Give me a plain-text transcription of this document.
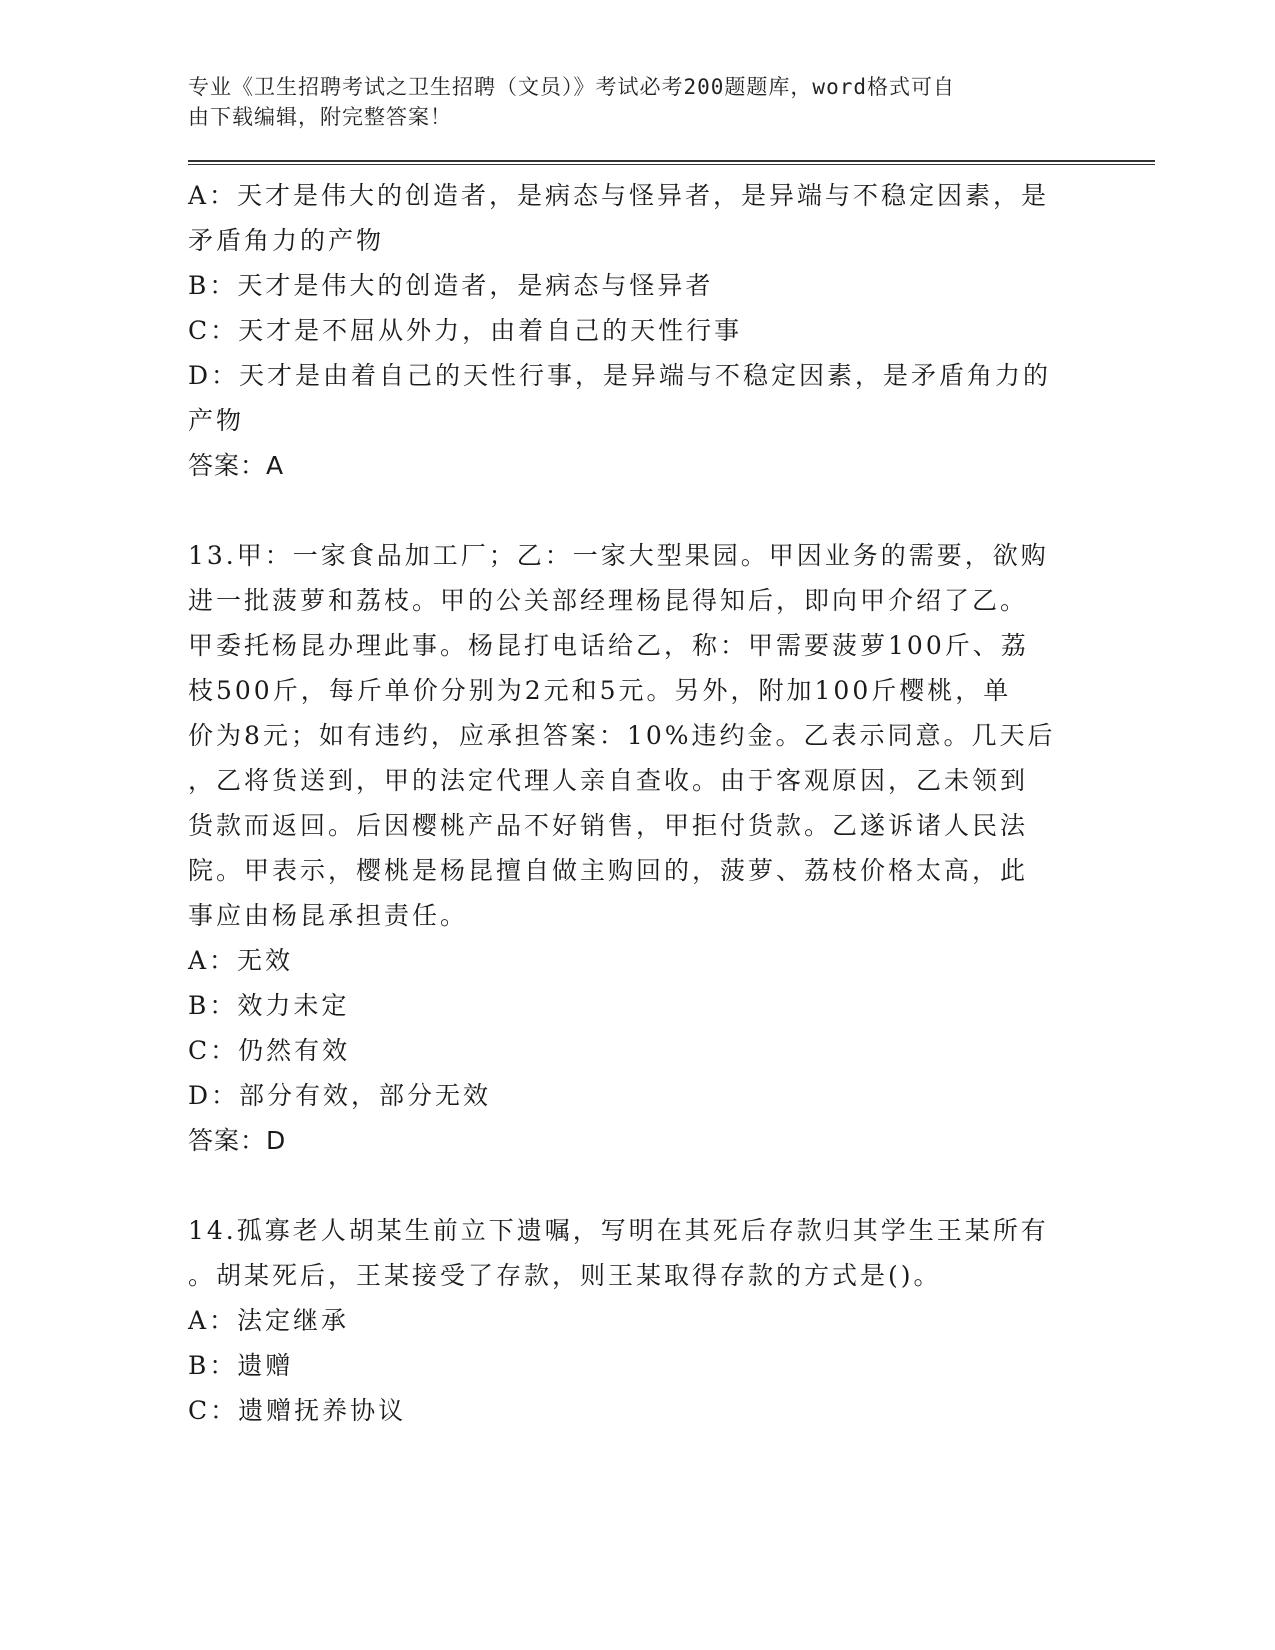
专业《卫生招聘考试之卫生招聘（文员）》考试必考200题题库，word格式可自

由下载编辑，附完整答案！

A：天才是伟大的创造者，是病态与怪异者，是异端与不稳定因素，是

矛盾角力的产物

B：天才是伟大的创造者，是病态与怪异者

C：天才是不屈从外力，由着自己的天性行事

D：天才是由着自己的天性行事，是异端与不稳定因素，是矛盾角力的

产物

答案：A

13.甲：一家食品加工厂；乙：一家大型果园。甲因业务的需要，欲购

进一批菠萝和荔枝。甲的公关部经理杨昆得知后，即向甲介绍了乙。

甲委托杨昆办理此事。杨昆打电话给乙，称：甲需要菠萝100斤、荔

枝500斤，每斤单价分别为2元和5元。另外，附加100斤樱桃，单

价为8元；如有违约，应承担答案：10%违约金。乙表示同意。几天后

，乙将货送到，甲的法定代理人亲自查收。由于客观原因，乙未领到

货款而返回。后因樱桃产品不好销售，甲拒付货款。乙遂诉诸人民法

院。甲表示，樱桃是杨昆擅自做主购回的，菠萝、荔枝价格太高，此

事应由杨昆承担责任。

A：无效

B：效力未定

C：仍然有效

D：部分有效，部分无效

答案：D

14.孤寡老人胡某生前立下遗嘱，写明在其死后存款归其学生王某所有

。胡某死后，王某接受了存款，则王某取得存款的方式是()。

A：法定继承

B：遗赠

C：遗赠抚养协议
